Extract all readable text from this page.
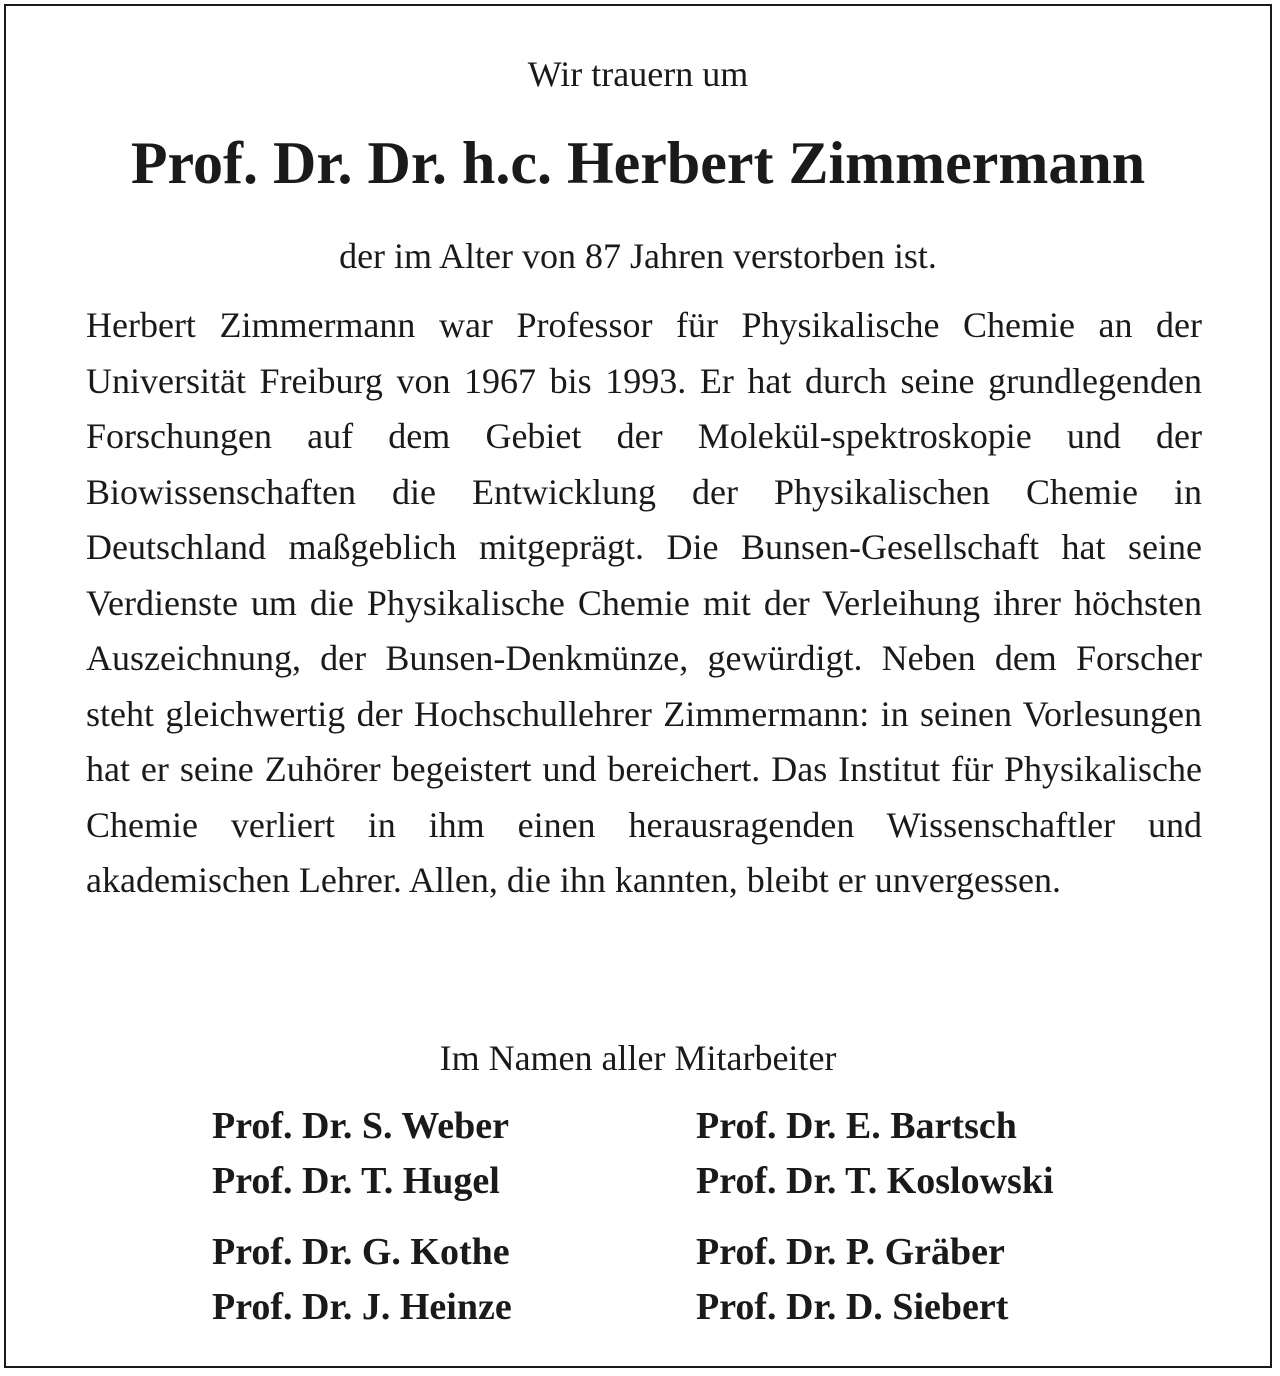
Wir trauern um
Prof. Dr. Dr. h.c. Herbert Zimmermann
der im Alter von 87 Jahren verstorben ist.
Herbert Zimmermann war Professor für Physikalische Chemie an der Universität Freiburg von 1967 bis 1993. Er hat durch seine grundlegenden Forschungen auf dem Gebiet der Molekül-spektroskopie und der Biowissenschaften die Entwicklung der Physikalischen Chemie in Deutschland maßgeblich mitgeprägt. Die Bunsen-Gesellschaft hat seine Verdienste um die Physikalische Chemie mit der Verleihung ihrer höchsten Auszeichnung, der Bunsen-Denkmünze, gewürdigt. Neben dem Forscher steht gleichwertig der Hochschullehrer Zimmermann: in seinen Vorlesungen hat er seine Zuhörer begeistert und bereichert. Das Institut für Physikalische Chemie verliert in ihm einen herausragenden Wissenschaftler und akademischen Lehrer. Allen, die ihn kannten, bleibt er unvergessen.
Im Namen aller Mitarbeiter
Prof. Dr. S. Weber
Prof. Dr. T. Hugel
Prof. Dr. G. Kothe
Prof. Dr. J. Heinze
Prof. Dr. E. Bartsch
Prof. Dr. T. Koslowski
Prof. Dr. P. Gräber
Prof. Dr. D. Siebert
